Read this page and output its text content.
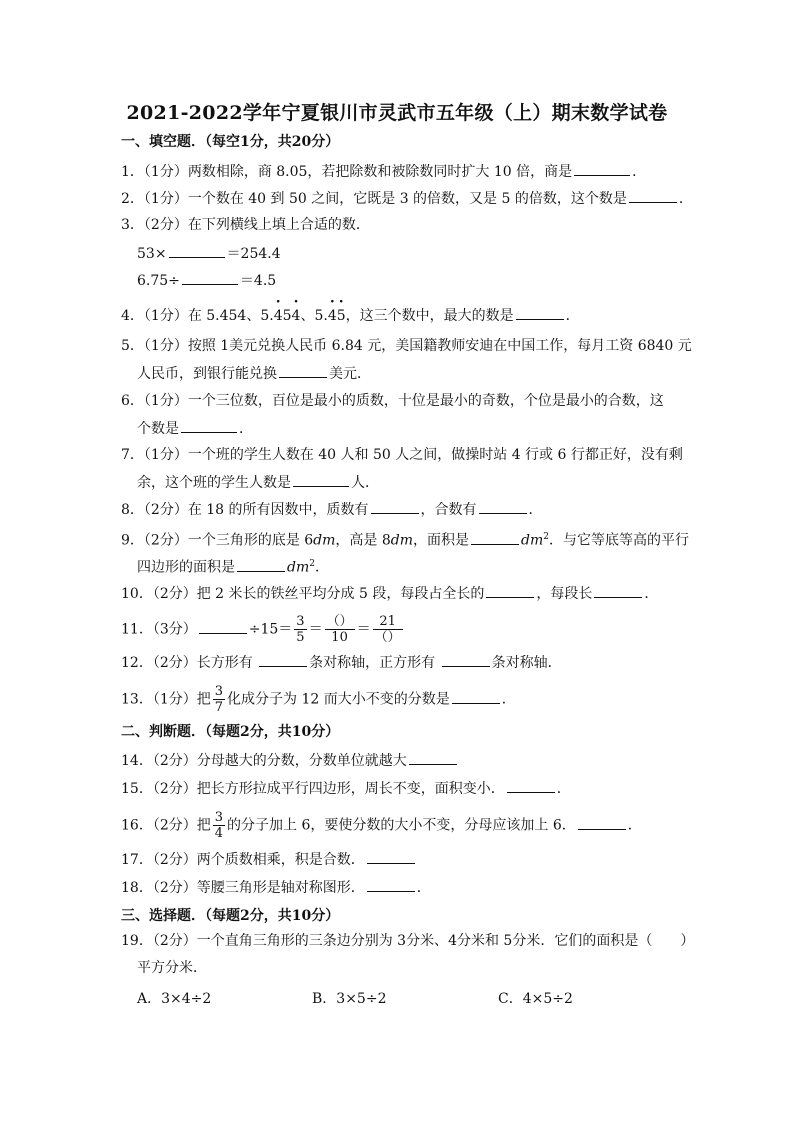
2021-2022学年宁夏银川市灵武市五年级（上）期末数学试卷
一、填空题．（每空1分，共20分）
1．（1分）两数相除，商 8.05，若把除数和被除数同时扩大 10 倍，商是	．
2．（1分）一个数在 40 到 50 之间，它既是 3 的倍数，又是 5 的倍数，这个数是	．
3．（2分）在下列横线上填上合适的数．
53×	＝254.4
6.75÷	＝4.5
4．（1分）在 5.454、5.
·
45
·
4、5.
·
4
·
5，这三个数中，最大的数是	．
5．（1分）按照 1美元兑换人民币 6.84 元，美国籍教师安迪在中国工作，每月工资 6840 元
人民币，到银行能兑换	美元．
6．（1分）一个三位数，百位是最小的质数，十位是最小的奇数，个位是最小的合数，这
个数是	．
7．（1分）一个班的学生人数在 40 人和 50 人之间，做操时站 4 行或 6 行都正好，没有剩
余，这个班的学生人数是	人．
8．（2分）在 18 的所有因数中，质数有	，合数有	．
9．（2分）一个三角形的底是 6dm，高是 8dm，面积是	$dm^2$．与它等底等高的平行
四边形的面积是	$dm^2$．
10．（2分）把 2 米长的铁丝平均分成 5 段，每段占全长的	，每段长	．
11．（3分）	$\div 15= \frac{3}{5} = \frac{()}{10} = \frac{21}{()}$
12．（2分）长方形有	条对称轴，正方形有	条对称轴．
13．（1分）把 $\frac{3}{7}$ 化成分子为 12 而大小不变的分数是	．
二、判断题．（每题2分，共10分）
14．（2分）分母越大的分数，分数单位就越大
15．（2分）把长方形拉成平行四边形，周长不变，面积变小．	．
16．（2分）把 $\frac{3}{4}$ 的分子加上 6，要使分数的大小不变，分母应该加上 6．	．
17．（2分）两个质数相乘，积是合数．
18．（2分）等腰三角形是轴对称图形．	．
三、选择题．（每题2分，共10分）
19．（2分）一个直角三角形的三条边分别为 3分米、4分米和 5分米．它们的面积是（　　）
平方分米．
A．3×4÷2	B．3×5÷2	C．4×5÷2
